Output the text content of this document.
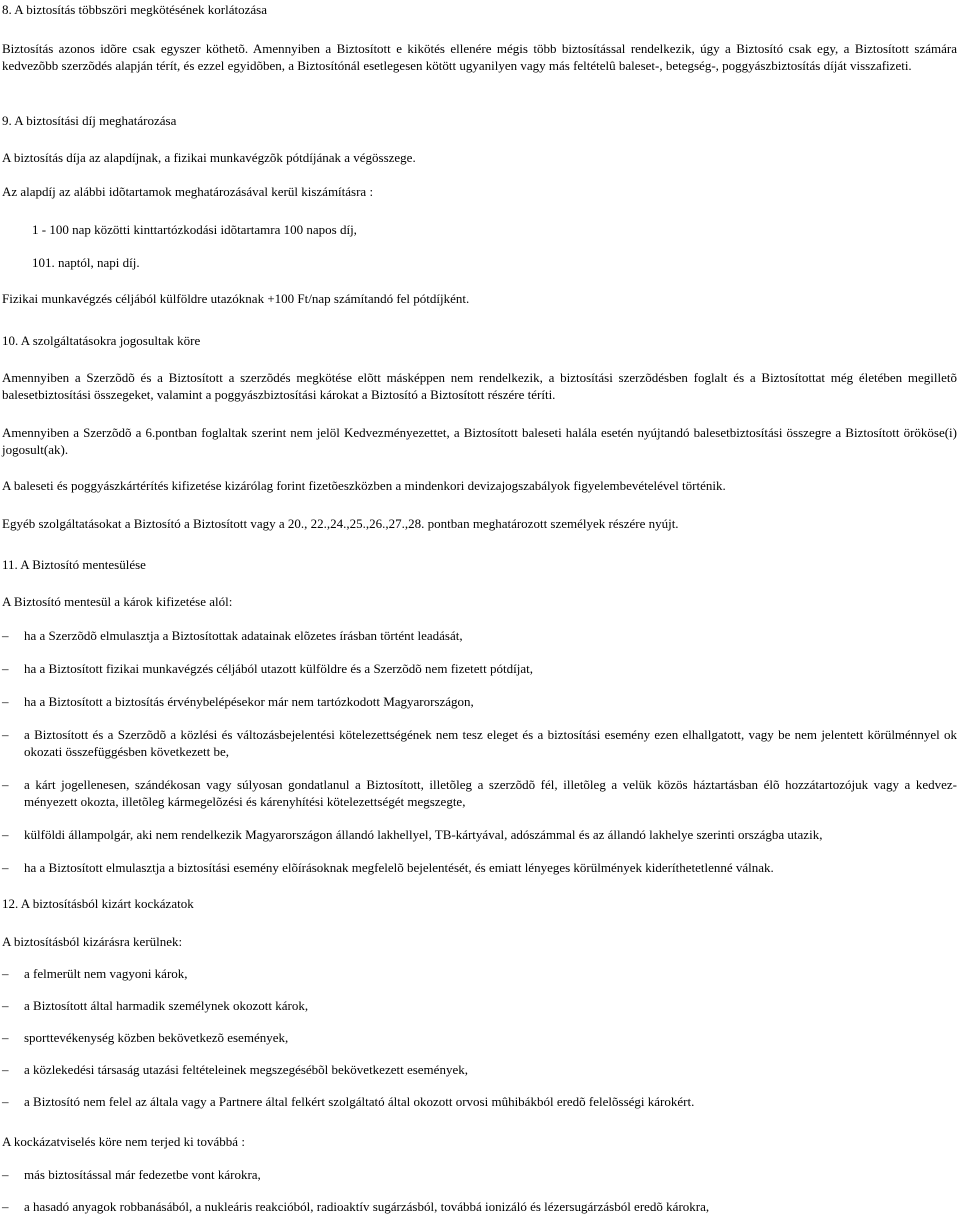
8. A biztosítás többszöri megkötésének korlátozása

Biztosítás azonos idõre csak egyszer köthetõ. Amennyiben a Biztosított e kikötés ellenére mégis több biztosítással rendelkezik, úgy a Biztosító csak egy, a Biztosított számára kedvezõbb szerzõdés alapján térít, és ezzel egyidõben, a Biztosítónál esetlegesen kötött ugyanilyen vagy más feltételû baleset-, betegség-, poggyászbiztosítás díját visszafizeti.

9. A biztosítási díj meghatározása

A biztosítás díja az alapdíjnak, a fizikai munkavégzõk pótdíjának a végösszege.

Az alapdíj az alábbi idõtartamok meghatározásával kerül kiszámításra :

1 - 100 nap közötti kinttartózkodási idõtartamra 100 napos díj,

101. naptól, napi díj.

Fizikai munkavégzés céljából külföldre utazóknak +100 Ft/nap számítandó fel pótdíjként.

10. A szolgáltatásokra jogosultak köre

Amennyiben a Szerzõdõ és a Biztosított a szerzõdés megkötése elõtt másképpen nem rendelkezik, a biztosítási szerzõdésben foglalt és a Biztosítottat még életében megilletõ balesetbiztosítási összegeket, valamint a poggyászbiztosítási károkat a Biztosító a Biztosított részére téríti.

Amennyiben a Szerzõdõ a 6.pontban foglaltak szerint nem jelöl Kedvezményezettet, a Biztosított baleseti halála esetén nyújtandó balesetbiztosítási összegre a Biztosított örököse(i) jogosult(ak).

A baleseti és poggyászkártérítés kifizetése kizárólag forint fizetõeszközben a mindenkori devizajogszabályok figyelembevételével történik.

Egyéb szolgáltatásokat a Biztosító a Biztosított vagy a 20., 22.,24.,25.,26.,27.,28. pontban meghatározott személyek részére nyújt.

11. A Biztosító mentesülése

A Biztosító mentesül a károk kifizetése alól:

– ha a Szerzõdõ elmulasztja a Biztosítottak adatainak elõzetes írásban történt leadását,
– ha a Biztosított fizikai munkavégzés céljából utazott külföldre és a Szerzõdõ nem fizetett pótdíjat,
– ha a Biztosított a biztosítás érvénybelépésekor már nem tartózkodott Magyarországon,
– a Biztosított és a Szerzõdõ a közlési és változásbejelentési kötelezettségének nem tesz eleget és a biztosítási esemény ezen elhallgatott, vagy be nem jelentett körülménnyel ok okozati összefüggésben következett be,
– a kárt jogellenesen, szándékosan vagy súlyosan gondatlanul a Biztosított, illetõleg a szerzõdõ fél, illetõleg a velük közös háztartásban élõ hozzátartozójuk vagy a kedvez-ményezett okozta, illetõleg kármegelõzési és kárenyhítési kötelezettségét megszegte,
– külföldi állampolgár, aki nem rendelkezik Magyarországon állandó lakhellyel, TB-kártyával, adószámmal és az állandó lakhelye szerinti országba utazik,
– ha a Biztosított elmulasztja a biztosítási esemény elõírásoknak megfelelõ bejelentését, és emiatt lényeges körülmények kideríthetetlenné válnak.

12. A biztosításból kizárt kockázatok

A biztosításból kizárásra kerülnek:

– a felmerült nem vagyoni károk,
– a Biztosított által harmadik személynek okozott károk,
– sporttevékenység közben bekövetkezõ események,
– a közlekedési társaság utazási feltételeinek megszegésébõl bekövetkezett események,
– a Biztosító nem felel az általa vagy a Partnere által felkért szolgáltató által okozott orvosi mûhibákból eredõ felelõsségi károkért.

A kockázatviselés köre nem terjed ki továbbá :

– más biztosítással már fedezetbe vont károkra,
– a hasadó anyagok robbanásából, a nukleáris reakcióból, radioaktív sugárzásból, továbbá ionizáló és lézersugárzásból eredõ károkra,
